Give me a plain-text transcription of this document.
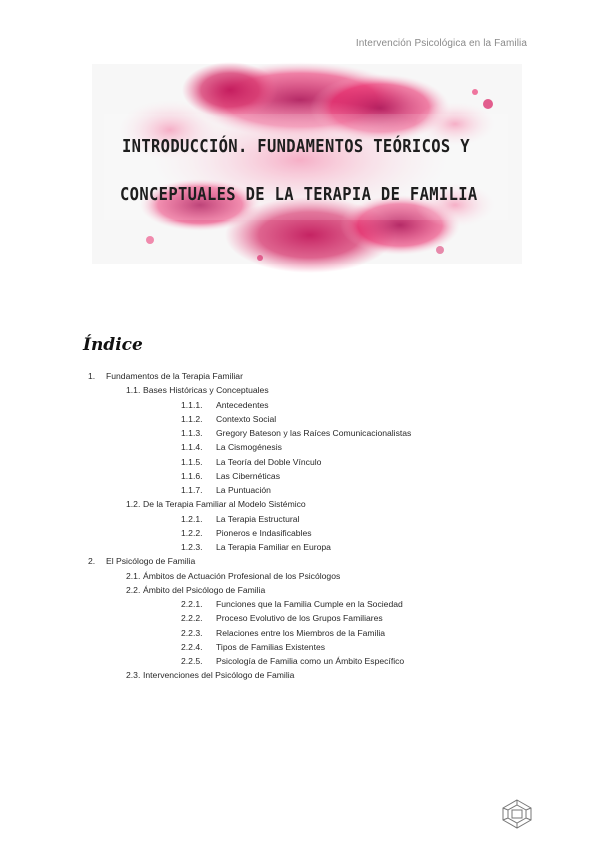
Intervención Psicológica en la Familia
INTRODUCCIÓN. FUNDAMENTOS TEÓRICOS Y
CONCEPTUALES DE LA TERAPIA DE FAMILIA
Índice
1. Fundamentos de la Terapia Familiar
1.1. Bases Históricas y Conceptuales
1.1.1. Antecedentes
1.1.2. Contexto Social
1.1.3. Gregory Bateson y las Raíces Comunicacionalistas
1.1.4. La Cismogénesis
1.1.5. La Teoría del Doble Vínculo
1.1.6. Las Cibernéticas
1.1.7. La Puntuación
1.2. De la Terapia Familiar al Modelo Sistémico
1.2.1. La Terapia Estructural
1.2.2. Pioneros e Indasificables
1.2.3. La Terapia Familiar en Europa
2. El Psicólogo de Familia
2.1. Ámbitos de Actuación Profesional de los Psicólogos
2.2. Ámbito del Psicólogo de Familia
2.2.1. Funciones que la Familia Cumple en la Sociedad
2.2.2. Proceso Evolutivo de los Grupos Familiares
2.2.3. Relaciones entre los Miembros de la Familia
2.2.4. Tipos de Familias Existentes
2.2.5. Psicología de Familia como un Ámbito Específico
2.3. Intervenciones del Psicólogo de Familia
